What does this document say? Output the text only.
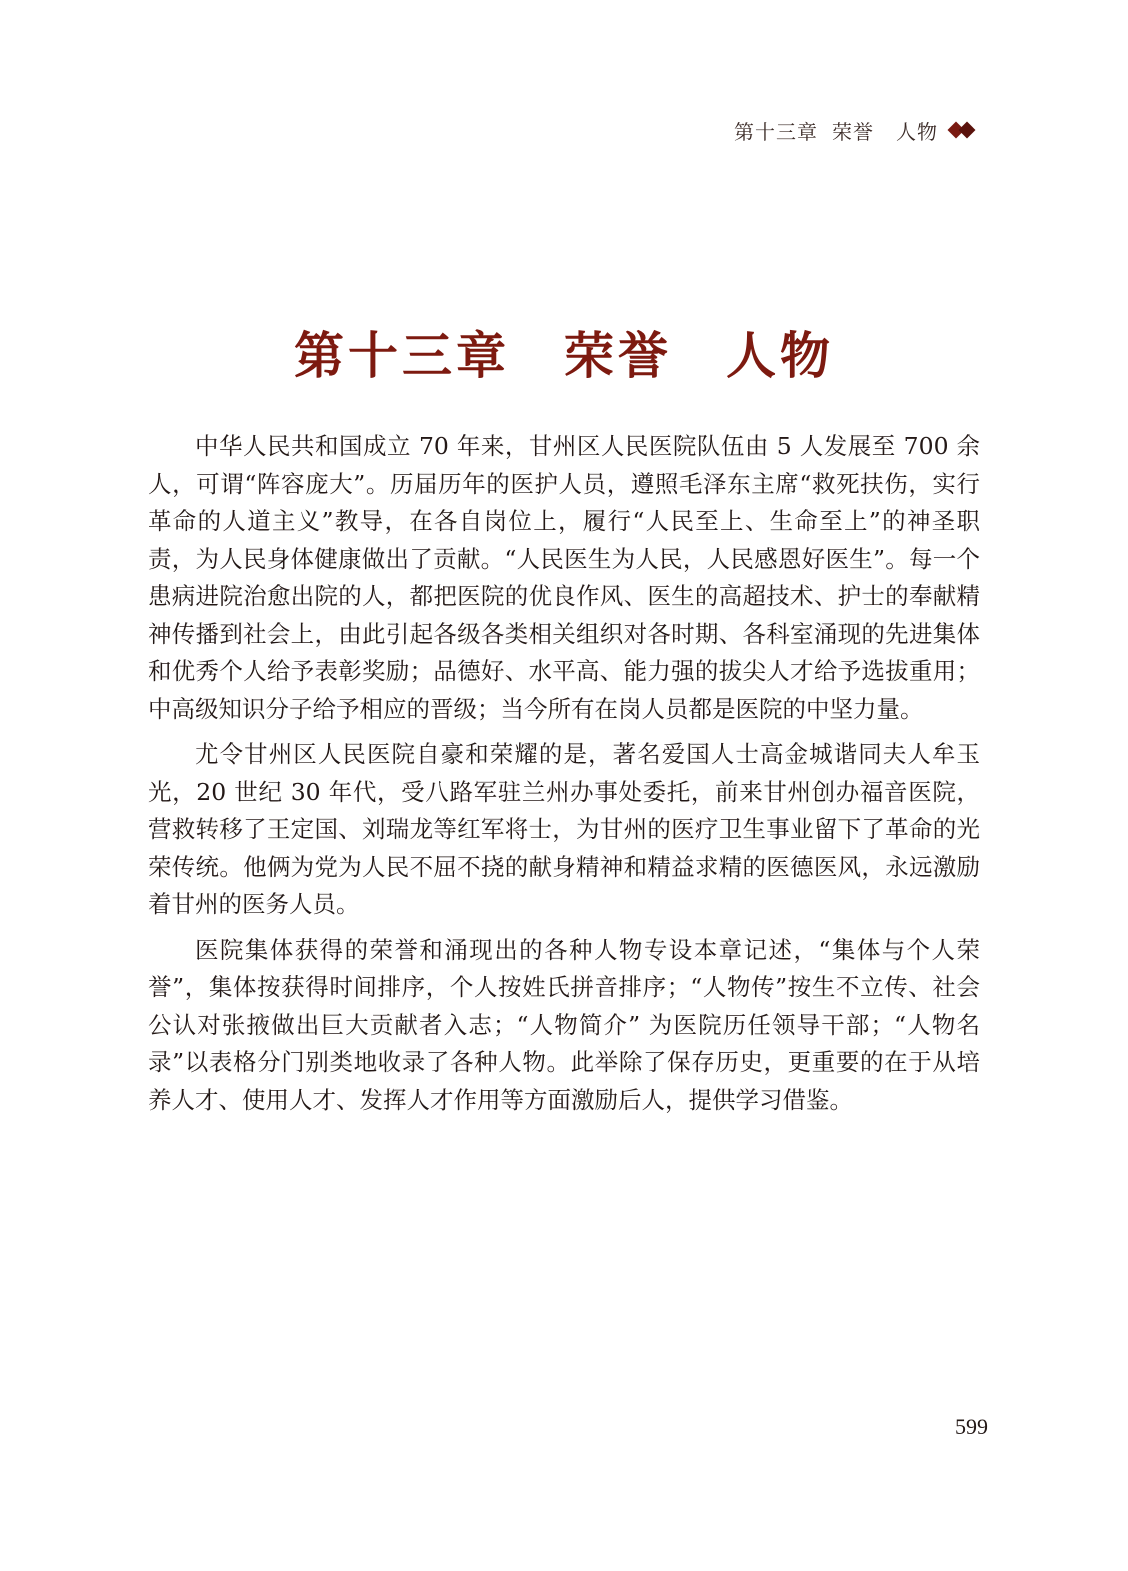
第十三章 荣誉 人物
第十三章　荣誉　人物

中华人民共和国成立 70 年来，甘州区人民医院队伍由 5 人发展至 700 余人，可谓“阵容庞大”。历届历年的医护人员，遵照毛泽东主席“救死扶伤，实行革命的人道主义”教导，在各自岗位上，履行“人民至上、生命至上”的神圣职责，为人民身体健康做出了贡献。“人民医生为人民，人民感恩好医生”。每一个患病进院治愈出院的人，都把医院的优良作风、医生的高超技术、护士的奉献精神传播到社会上，由此引起各级各类相关组织对各时期、各科室涌现的先进集体和优秀个人给予表彰奖励；品德好、水平高、能力强的拔尖人才给予选拔重用；中高级知识分子给予相应的晋级；当今所有在岗人员都是医院的中坚力量。

尤令甘州区人民医院自豪和荣耀的是，著名爱国人士高金城谐同夫人牟玉光，20 世纪 30 年代，受八路军驻兰州办事处委托，前来甘州创办福音医院，营救转移了王定国、刘瑞龙等红军将士，为甘州的医疗卫生事业留下了革命的光荣传统。他俩为党为人民不屈不挠的献身精神和精益求精的医德医风，永远激励着甘州的医务人员。

医院集体获得的荣誉和涌现出的各种人物专设本章记述，“集体与个人荣誉”，集体按获得时间排序，个人按姓氏拼音排序；“人物传”按生不立传、社会公认对张掖做出巨大贡献者入志；“人物简介” 为医院历任领导干部；“人物名录”以表格分门别类地收录了各种人物。此举除了保存历史，更重要的在于从培养人才、使用人才、发挥人才作用等方面激励后人，提供学习借鉴。

599
